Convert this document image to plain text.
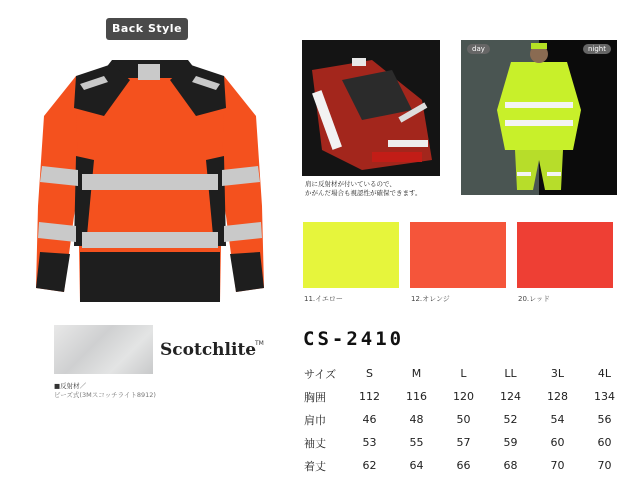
Back Style
day	night
肩に反射材が付いているので、
かがんだ場合も視認性が確保できます。
11.イエロー	12.オレンジ	20.レッド
Scotchlite
TM
■反射材／
ビーズ式(3Mスコッチライト8912)
CS-2410
サイズ	S	M	L	LL	3L	4L
胸囲	112	116	120	124	128	134
肩巾	46	48	50	52	54	56
袖丈	53	55	57	59	60	60
着丈	62	64	66	68	70	70
